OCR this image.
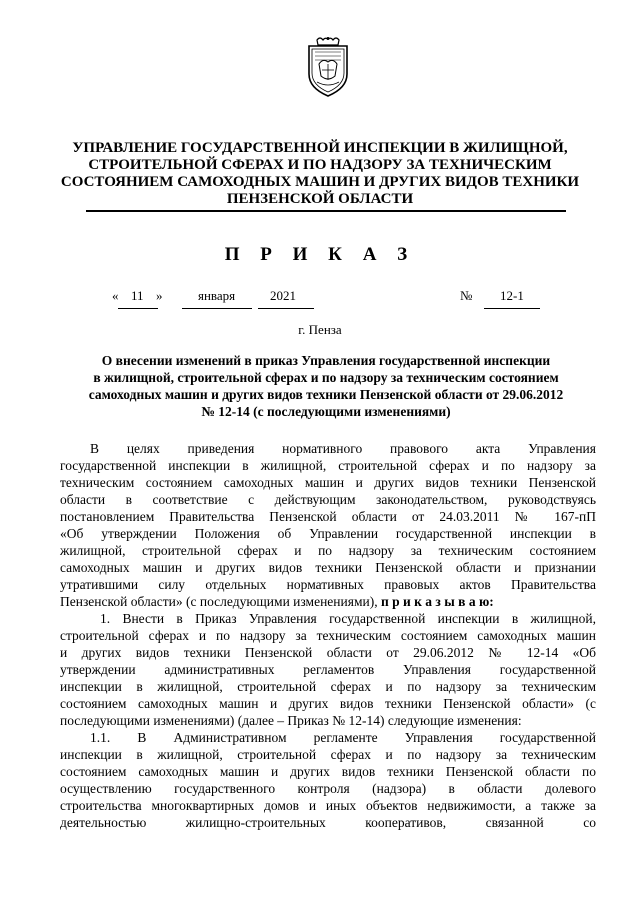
УПРАВЛЕНИЕ ГОСУДАРСТВЕННОЙ ИНСПЕКЦИИ В ЖИЛИЩНОЙ,
СТРОИТЕЛЬНОЙ СФЕРАХ И ПО НАДЗОРУ ЗА ТЕХНИЧЕСКИМ
СОСТОЯНИЕМ САМОХОДНЫХ МАШИН И ДРУГИХ ВИДОВ ТЕХНИКИ
ПЕНЗЕНСКОЙ ОБЛАСТИ
П Р И К А З
« 11 »	января	2021	№ 12-1
г. Пенза
О внесении изменений в приказ Управления государственной инспекции
в жилищной, строительной сферах и по надзору за техническим состоянием
самоходных машин и других видов техники Пензенской области от 29.06.2012
№ 12-14 (с последующими изменениями)
В целях приведения нормативного правового акта Управления
государственной инспекции в жилищной, строительной сферах и по надзору за
техническим состоянием самоходных машин и других видов техники Пензенской
области в соответствие с действующим законодательством, руководствуясь
постановлением Правительства Пензенской области от 24.03.2011 № 167-пП
«Об утверждении Положения об Управлении государственной инспекции в
жилищной, строительной сферах и по надзору за техническим состоянием
самоходных машин и других видов техники Пензенской области и признании
утратившими силу отдельных нормативных правовых актов Правительства
Пензенской области» (с последующими изменениями), п р и к а з ы в а ю:
1. Внести в Приказ Управления государственной инспекции в жилищной,
строительной сферах и по надзору за техническим состоянием самоходных машин
и других видов техники Пензенской области от 29.06.2012 № 12-14 «Об
утверждении административных регламентов Управления государственной
инспекции в жилищной, строительной сферах и по надзору за техническим
состоянием самоходных машин и других видов техники Пензенской области» (с
последующими изменениями) (далее – Приказ № 12-14) следующие изменения:
1.1. В Административном регламенте Управления государственной
инспекции в жилищной, строительной сферах и по надзору за техническим
состоянием самоходных машин и других видов техники Пензенской области по
осуществлению государственного контроля (надзора) в области долевого
строительства многоквартирных домов и иных объектов недвижимости, а также за
деятельностью жилищно-строительных кооперативов, связанной со
